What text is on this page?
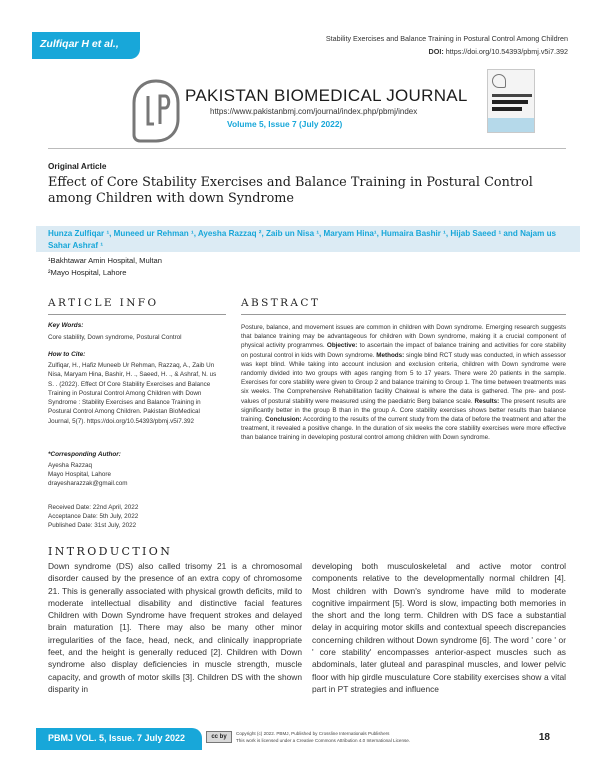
Zulfiqar H et al.,	Stability Exercises and Balance Training in Postural Control Among Children
DOI: https://doi.org/10.54393/pbmj.v5i7.392
PAKISTAN BIOMEDICAL JOURNAL
https://www.pakistanbmj.com/journal/index.php/pbmj/index
Volume 5, Issue 7 (July 2022)
Original Article
Effect of Core Stability Exercises and Balance Training in Postural Control among Children with down Syndrome
Hunza Zulfiqar ¹, Muneed ur Rehman ¹, Ayesha Razzaq ², Zaib un Nisa ¹, Maryam Hina¹, Humaira Bashir ¹, Hijab Saeed ¹ and Najam us Sahar Ashraf ¹
¹Bakhtawar Amin Hospital, Multan
²Mayo Hospital, Lahore
ARTICLE INFO	ABSTRACT
Key Words:
Core stability, Down syndrome, Postural Control
How to Cite:
Zulfiqar, H., Hafiz Muneeb Ur Rehman, Razzaq, A., Zaib Un Nisa, Maryam Hina, Bashir, H. ., Saeed, H. ., & Ashraf, N. us S. . (2022). Effect Of Core Stability Exercises and Balance Training in Postural Control Among Children with Down Syndrome : Stability Exercises and Balance Training in Postural Control Among Children. Pakistan BioMedical Journal, 5(7). https://doi.org/10.54393/pbmj.v5i7.392
*Corresponding Author:
Ayesha Razzaq
Mayo Hospital, Lahore
drayesharazzak@gmail.com
Received Date: 22nd April, 2022
Acceptance Date: 5th July, 2022
Published Date: 31st July, 2022
Posture, balance, and movement issues are common in children with Down syndrome. Emerging research suggests that balance training may be advantageous for children with Down syndrome, making it a crucial component of physical activity programmes. Objective: to ascertain the impact of balance training and activities for core stability on postural control in kids with Down syndrome. Methods: single blind RCT study was conducted, in which assessor was kept blind. While taking into account inclusion and exclusion criteria, children with Down syndrome were randomly divided into two groups with ages ranging from 5 to 17 years. There were 20 patients in the sample. Exercises for core stability were given to Group 2 and balance training to Group 1. The time between treatments was six weeks. The Comprehensive Rehabilitation facility Chakwal is where the data is gathered. The pre- and post-values of postural stability were measured using the paediatric Berg balance scale. Results: The present results are significantly better in the group B than in the group A. Core stability exercises shows better results than balance training. Conclusion: According to the results of the current study from the data of before the treatment and after the treatment, it revealed a positive change. In the duration of six weeks the core stability exercises were more effective than balance training in developing postural control among children with Down syndrome.
INTRODUCTION
Down syndrome (DS) also called trisomy 21 is a chromosomal disorder caused by the presence of an extra copy of chromosome 21. This is generally associated with physical growth deficits, mild to moderate intellectual disability and distinctive facial features Children with Down Syndrome have frequent strokes and delayed brain maturation [1]. There may also be many other minor irregularities of the face, head, neck, and clinically inappropriate feet, and the height is generally reduced [2]. Children with Down syndrome also display deficiencies in muscle strength, muscle capacity, and growth of motor skills [3]. Children DS with the shown disparity in
developing both musculoskeletal and active motor control components relative to the developmentally normal children [4]. Most children with Down's syndrome have mild to moderate cognitive impairment [5]. Word is slow, impacting both memories in the short and the long term. Children with DS face a substantial delay in acquiring motor skills and contextual speech discrepancies concerning children without Down syndrome [6]. The word ' core ' or ' core stability' encompasses anterior-aspect muscles such as abdominals, later gluteal and paraspinal muscles, and lower pelvic floor with hip girdle musculature Core stability exercises show a vital part in PT strategies and influence
PBMJ VOL. 5, Issue. 7 July 2022	cc by
Copyright (c) 2022. PBMJ, Published by Crossline Internationals Publishers
This work is licensed under a Creative Commons Attribution 4.0 International License.	18
